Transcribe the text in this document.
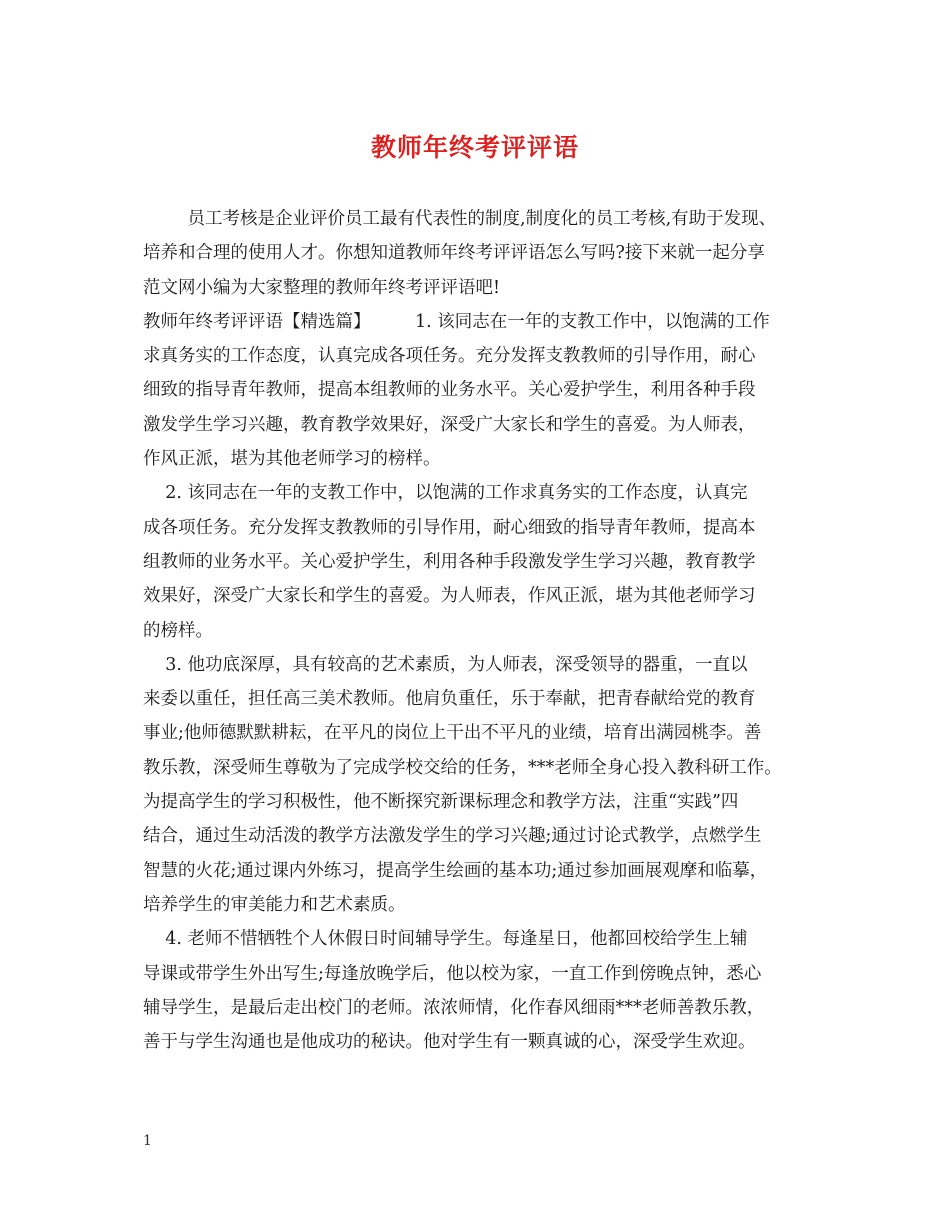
教师年终考评评语
员工考核是企业评价员工最有代表性的制度,制度化的员工考核,有助于发现、
培养和合理的使用人才。你想知道教师年终考评评语怎么写吗?接下来就一起分享
范文网小编为大家整理的教师年终考评评语吧!
教师年终考评评语【精选篇】        1. 该同志在一年的支教工作中，以饱满的工作
求真务实的工作态度，认真完成各项任务。充分发挥支教教师的引导作用，耐心
细致的指导青年教师，提高本组教师的业务水平。关心爱护学生，利用各种手段
激发学生学习兴趣，教育教学效果好，深受广大家长和学生的喜爱。为人师表，
作风正派，堪为其他老师学习的榜样。
2. 该同志在一年的支教工作中，以饱满的工作求真务实的工作态度，认真完
成各项任务。充分发挥支教教师的引导作用，耐心细致的指导青年教师，提高本
组教师的业务水平。关心爱护学生，利用各种手段激发学生学习兴趣，教育教学
效果好，深受广大家长和学生的喜爱。为人师表，作风正派，堪为其他老师学习
的榜样。
3. 他功底深厚，具有较高的艺术素质，为人师表，深受领导的器重，一直以
来委以重任，担任高三美术教师。他肩负重任，乐于奉献，把青春献给党的教育
事业;他师德默默耕耘，在平凡的岗位上干出不平凡的业绩，培育出满园桃李。善
教乐教，深受师生尊敬为了完成学校交给的任务，***老师全身心投入教科研工作。
为提高学生的学习积极性，他不断探究新课标理念和教学方法，注重“实践”四
结合，通过生动活泼的教学方法激发学生的学习兴趣;通过讨论式教学，点燃学生
智慧的火花;通过课内外练习，提高学生绘画的基本功;通过参加画展观摩和临摹，
培养学生的审美能力和艺术素质。
4. 老师不惜牺牲个人休假日时间辅导学生。每逢星日，他都回校给学生上辅
导课或带学生外出写生;每逢放晚学后，他以校为家，一直工作到傍晚点钟，悉心
辅导学生，是最后走出校门的老师。浓浓师情，化作春风细雨***老师善教乐教，
善于与学生沟通也是他成功的秘诀。他对学生有一颗真诚的心，深受学生欢迎。
1
